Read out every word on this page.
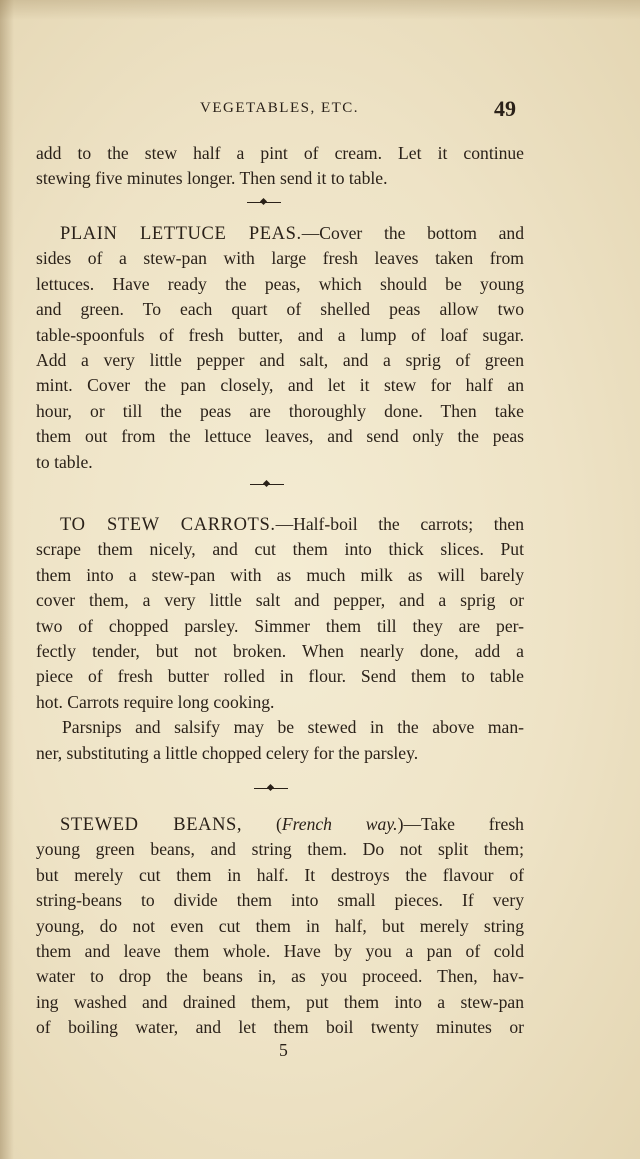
VEGETABLES, ETC.	49
add to the stew half a pint of cream. Let it continue
stewing five minutes longer. Then send it to table.
PLAIN LETTUCE PEAS.—Cover the bottom and
sides of a stew-pan with large fresh leaves taken from
lettuces. Have ready the peas, which should be young
and green. To each quart of shelled peas allow two
table-spoonfuls of fresh butter, and a lump of loaf sugar.
Add a very little pepper and salt, and a sprig of green
mint. Cover the pan closely, and let it stew for half an
hour, or till the peas are thoroughly done. Then take
them out from the lettuce leaves, and send only the peas
to table.
TO STEW CARROTS.—Half-boil the carrots; then
scrape them nicely, and cut them into thick slices. Put
them into a stew-pan with as much milk as will barely
cover them, a very little salt and pepper, and a sprig or
two of chopped parsley. Simmer them till they are per-
fectly tender, but not broken. When nearly done, add a
piece of fresh butter rolled in flour. Send them to table
hot. Carrots require long cooking.
Parsnips and salsify may be stewed in the above man-
ner, substituting a little chopped celery for the parsley.
STEWED BEANS, (French way.)—Take fresh
young green beans, and string them. Do not split them;
but merely cut them in half. It destroys the flavour of
string-beans to divide them into small pieces. If very
young, do not even cut them in half, but merely string
them and leave them whole. Have by you a pan of cold
water to drop the beans in, as you proceed. Then, hav-
ing washed and drained them, put them into a stew-pan
of boiling water, and let them boil twenty minutes or
5
